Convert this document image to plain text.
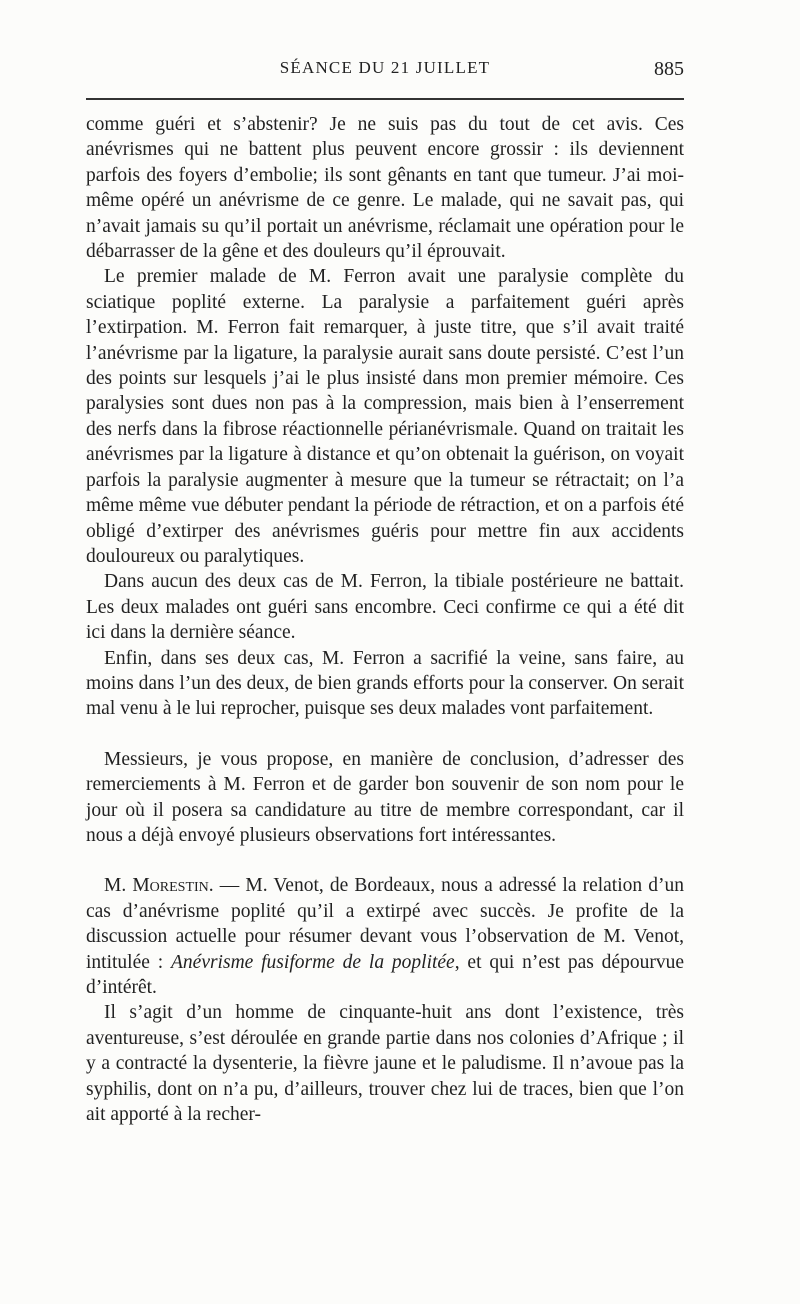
SÉANCE DU 21 JUILLET	885

comme guéri et s’abstenir? Je ne suis pas du tout de cet avis. Ces anévrismes qui ne battent plus peuvent encore grossir : ils deviennent parfois des foyers d’embolie; ils sont gênants en tant que tumeur. J’ai moi-même opéré un anévrisme de ce genre. Le malade, qui ne savait pas, qui n’avait jamais su qu’il portait un anévrisme, réclamait une opération pour le débarrasser de la gêne et des douleurs qu’il éprouvait.

Le premier malade de M. Ferron avait une paralysie complète du sciatique poplité externe. La paralysie a parfaitement guéri après l’extirpation. M. Ferron fait remarquer, à juste titre, que s’il avait traité l’anévrisme par la ligature, la paralysie aurait sans doute persisté. C’est l’un des points sur lesquels j’ai le plus insisté dans mon premier mémoire. Ces paralysies sont dues non pas à la compression, mais bien à l’enserrement des nerfs dans la fibrose réactionnelle périanévrismale. Quand on traitait les anévrismes par la ligature à distance et qu’on obtenait la guérison, on voyait parfois la paralysie augmenter à mesure que la tumeur se rétractait; on l’a même même vue débuter pendant la période de rétraction, et on a parfois été obligé d’extirper des anévrismes guéris pour mettre fin aux accidents douloureux ou paralytiques.

Dans aucun des deux cas de M. Ferron, la tibiale postérieure ne battait. Les deux malades ont guéri sans encombre. Ceci confirme ce qui a été dit ici dans la dernière séance.

Enfin, dans ses deux cas, M. Ferron a sacrifié la veine, sans faire, au moins dans l’un des deux, de bien grands efforts pour la conserver. On serait mal venu à le lui reprocher, puisque ses deux malades vont parfaitement.

Messieurs, je vous propose, en manière de conclusion, d’adresser des remerciements à M. Ferron et de garder bon souvenir de son nom pour le jour où il posera sa candidature au titre de membre correspondant, car il nous a déjà envoyé plusieurs observations fort intéressantes.

M. Morestin. — M. Venot, de Bordeaux, nous a adressé la relation d’un cas d’anévrisme poplité qu’il a extirpé avec succès. Je profite de la discussion actuelle pour résumer devant vous l’observation de M. Venot, intitulée : Anévrisme fusiforme de la poplitée, et qui n’est pas dépourvue d’intérêt.

Il s’agit d’un homme de cinquante-huit ans dont l’existence, très aventureuse, s’est déroulée en grande partie dans nos colonies d’Afrique ; il y a contracté la dysenterie, la fièvre jaune et le paludisme. Il n’avoue pas la syphilis, dont on n’a pu, d’ailleurs, trouver chez lui de traces, bien que l’on ait apporté à la recher-
